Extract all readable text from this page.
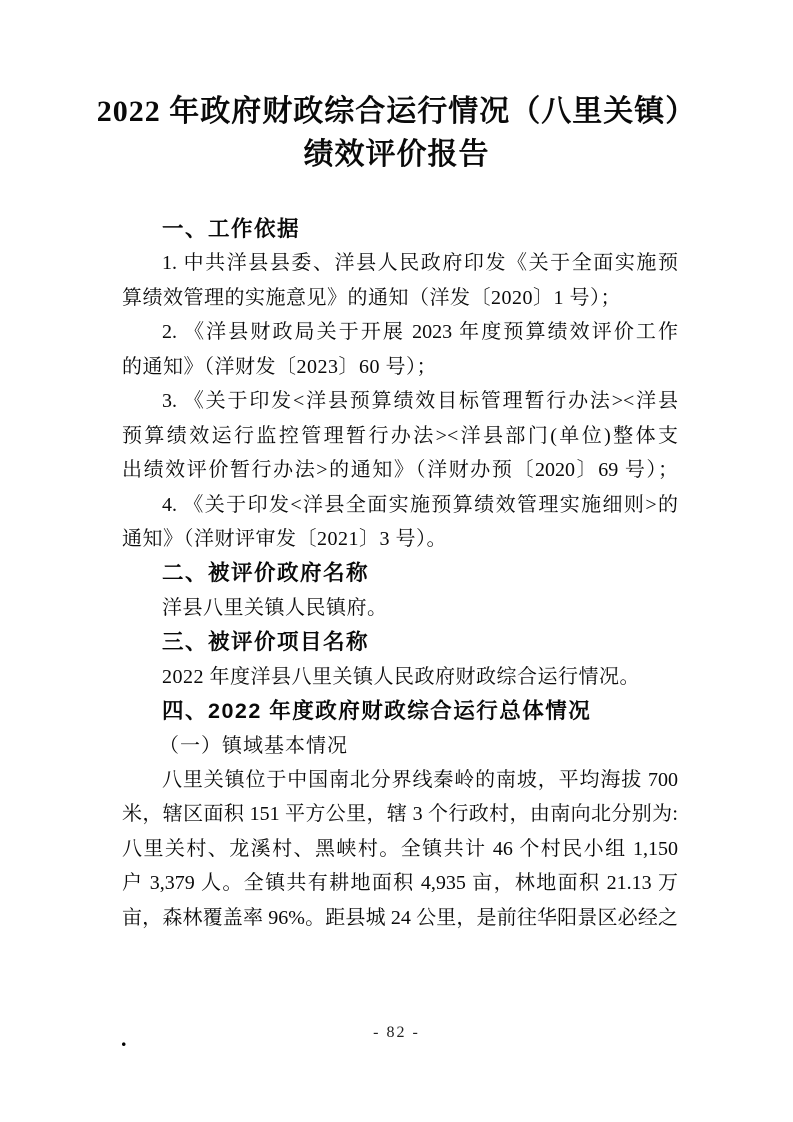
2022 年政府财政综合运行情况（八里关镇）
绩效评价报告
一、工作依据
1. 中共洋县县委、洋县人民政府印发《关于全面实施预
算绩效管理的实施意见》的通知（洋发〔2020〕1 号）；
2. 《洋县财政局关于开展 2023 年度预算绩效评价工作
的通知》（洋财发〔2023〕60 号）；
3. 《关于印发<洋县预算绩效目标管理暂行办法><洋县
预算绩效运行监控管理暂行办法><洋县部门(单位)整体支
出绩效评价暂行办法>的通知》（洋财办预〔2020〕69 号）；
4. 《关于印发<洋县全面实施预算绩效管理实施细则>的
通知》（洋财评审发〔2021〕3 号）。
二、被评价政府名称
洋县八里关镇人民镇府。
三、被评价项目名称
2022 年度洋县八里关镇人民政府财政综合运行情况。
四、2022 年度政府财政综合运行总体情况
（一）镇域基本情况
八里关镇位于中国南北分界线秦岭的南坡，平均海拔 700
米，辖区面积 151 平方公里，辖 3 个行政村，由南向北分别为:
八里关村、龙溪村、黑峡村。全镇共计 46 个村民小组 1,150
户 3,379 人。全镇共有耕地面积 4,935 亩，林地面积 21.13 万
亩，森林覆盖率 96%。距县城 24 公里，是前往华阳景区必经之
- 82 -
.
